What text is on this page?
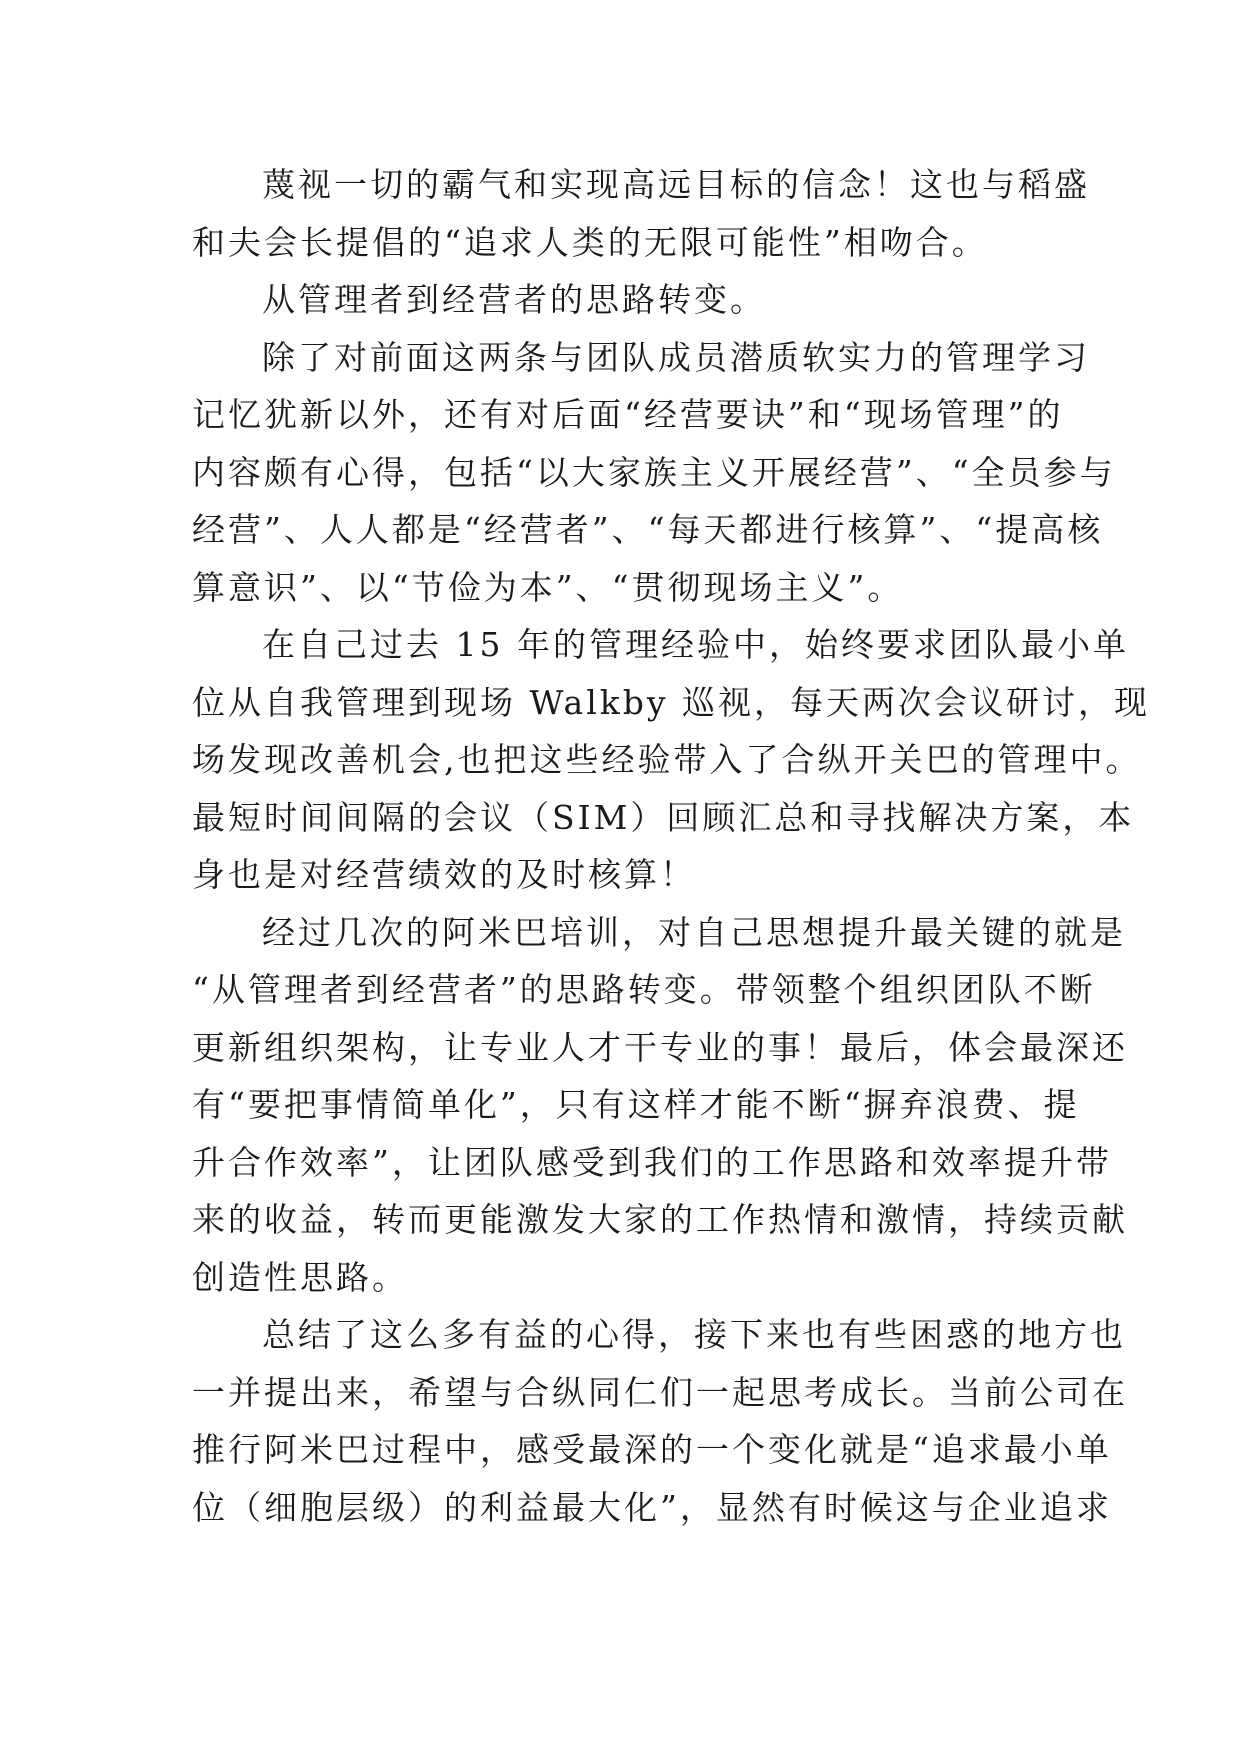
蔑视一切的霸气和实现高远目标的信念！这也与稻盛
和夫会长提倡的“追求人类的无限可能性”相吻合。
从管理者到经营者的思路转变。
除了对前面这两条与团队成员潜质软实力的管理学习
记忆犹新以外，还有对后面“经营要诀”和“现场管理”的
内容颇有心得，包括“以大家族主义开展经营”、“全员参与
经营”、人人都是“经营者”、“每天都进行核算”、“提高核
算意识”、以“节俭为本”、“贯彻现场主义”。
在自己过去 15 年的管理经验中，始终要求团队最小单
位从自我管理到现场 Walkby 巡视，每天两次会议研讨，现
场发现改善机会,也把这些经验带入了合纵开关巴的管理中。
最短时间间隔的会议（SIM）回顾汇总和寻找解决方案，本
身也是对经营绩效的及时核算！
经过几次的阿米巴培训，对自己思想提升最关键的就是
“从管理者到经营者”的思路转变。带领整个组织团队不断
更新组织架构，让专业人才干专业的事！最后，体会最深还
有“要把事情简单化”，只有这样才能不断“摒弃浪费、提
升合作效率”，让团队感受到我们的工作思路和效率提升带
来的收益，转而更能激发大家的工作热情和激情，持续贡献
创造性思路。
总结了这么多有益的心得，接下来也有些困惑的地方也
一并提出来，希望与合纵同仁们一起思考成长。当前公司在
推行阿米巴过程中，感受最深的一个变化就是“追求最小单
位（细胞层级）的利益最大化”，显然有时候这与企业追求
